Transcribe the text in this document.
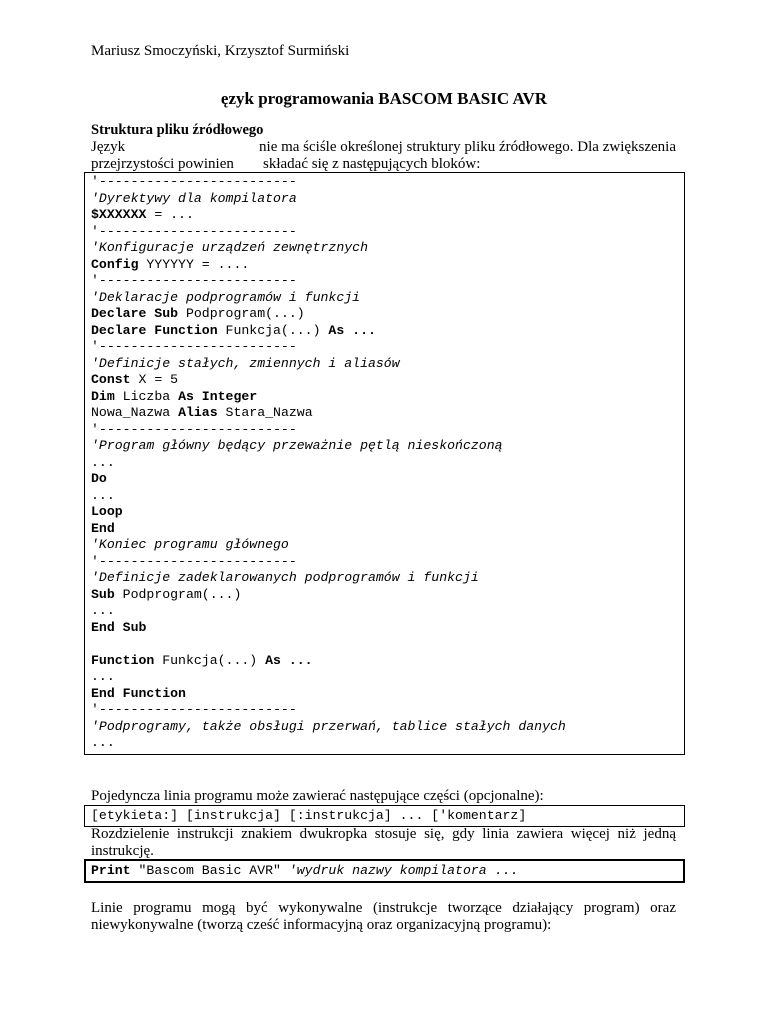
Mariusz Smoczyński, Krzysztof Surmiński
ęzyk programowania BASCOM BASIC AVR
Struktura pliku źródłowego
Język	nie ma ściśle określonej struktury pliku źródłowego. Dla zwiększenia
przejrzystości powinien składać się z następujących bloków:
'-------------------------
'Dyrektywy dla kompilatora
$XXXXXX = ...
'-------------------------
'Konfiguracje urządzeń zewnętrznych
Config YYYYYY = ....
'-------------------------
'Deklaracje podprogramów i funkcji
Declare Sub Podprogram(...)
Declare Function Funkcja(...) As ...
'-------------------------
'Definicje stałych, zmiennych i aliasów
Const X = 5
Dim Liczba As Integer
Nowa_Nazwa Alias Stara_Nazwa
'-------------------------
'Program główny będący przeważnie pętlą nieskończoną
...
Do
...
Loop
End
'Koniec programu głównego
'-------------------------
'Definicje zadeklarowanych podprogramów i funkcji
Sub Podprogram(...)
...
End Sub
Function Funkcja(...) As ...
...
End Function
'-------------------------
'Podprogramy, także obsługi przerwań, tablice stałych danych
...
Pojedyncza linia programu może zawierać następujące części (opcjonalne):
[etykieta:] [instrukcja] [:instrukcja] ... ['komentarz]
Rozdzielenie instrukcji znakiem dwukropka stosuje się, gdy linia zawiera więcej niż jedną
instrukcję.
Print "Bascom Basic AVR" 'wydruk nazwy kompilatora ...
Linie programu mogą być wykonywalne (instrukcje tworzące działający program) oraz
niewykonywalne (tworzą cześć informacyjną oraz organizacyjną programu):
